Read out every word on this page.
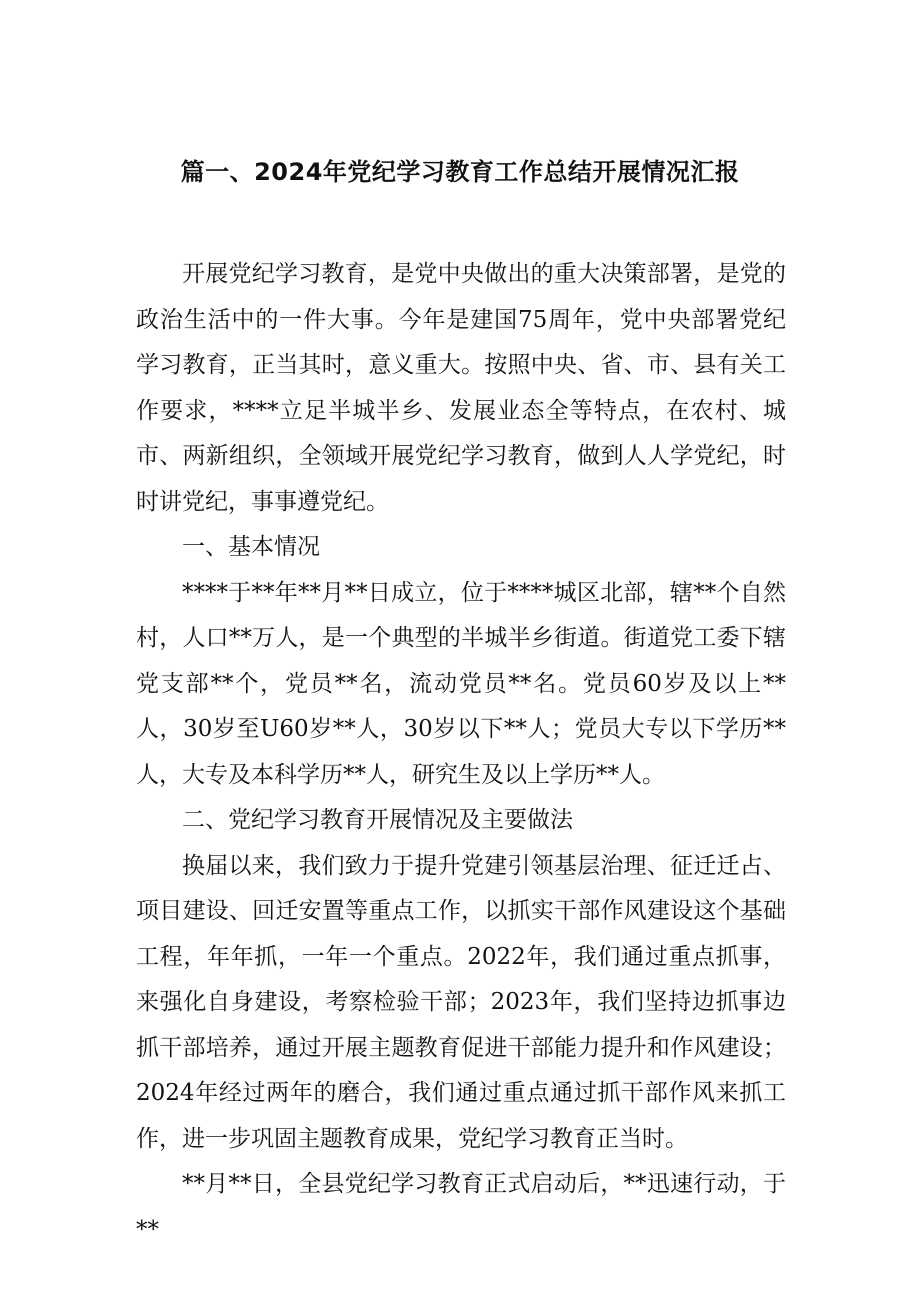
篇一、2024年党纪学习教育工作总结开展情况汇报

开展党纪学习教育，是党中央做出的重大决策部署，是党的政治生活中的一件大事。今年是建国75周年，党中央部署党纪学习教育，正当其时，意义重大。按照中央、省、市、县有关工作要求，****立足半城半乡、发展业态全等特点，在农村、城市、两新组织，全领域开展党纪学习教育，做到人人学党纪，时时讲党纪，事事遵党纪。

一、基本情况

****于**年**月**日成立，位于****城区北部，辖**个自然村，人口**万人，是一个典型的半城半乡街道。街道党工委下辖党支部**个，党员**名，流动党员**名。党员60岁及以上**人，30岁至U60岁**人，30岁以下**人；党员大专以下学历**人，大专及本科学历**人，研究生及以上学历**人。

二、党纪学习教育开展情况及主要做法

换届以来，我们致力于提升党建引领基层治理、征迁迁占、项目建设、回迁安置等重点工作，以抓实干部作风建设这个基础工程，年年抓，一年一个重点。2022年，我们通过重点抓事，来强化自身建设，考察检验干部；2023年，我们坚持边抓事边抓干部培养，通过开展主题教育促进干部能力提升和作风建设；2024年经过两年的磨合，我们通过重点通过抓干部作风来抓工作，进一步巩固主题教育成果，党纪学习教育正当时。

**月**日，全县党纪学习教育正式启动后，**迅速行动，于**
